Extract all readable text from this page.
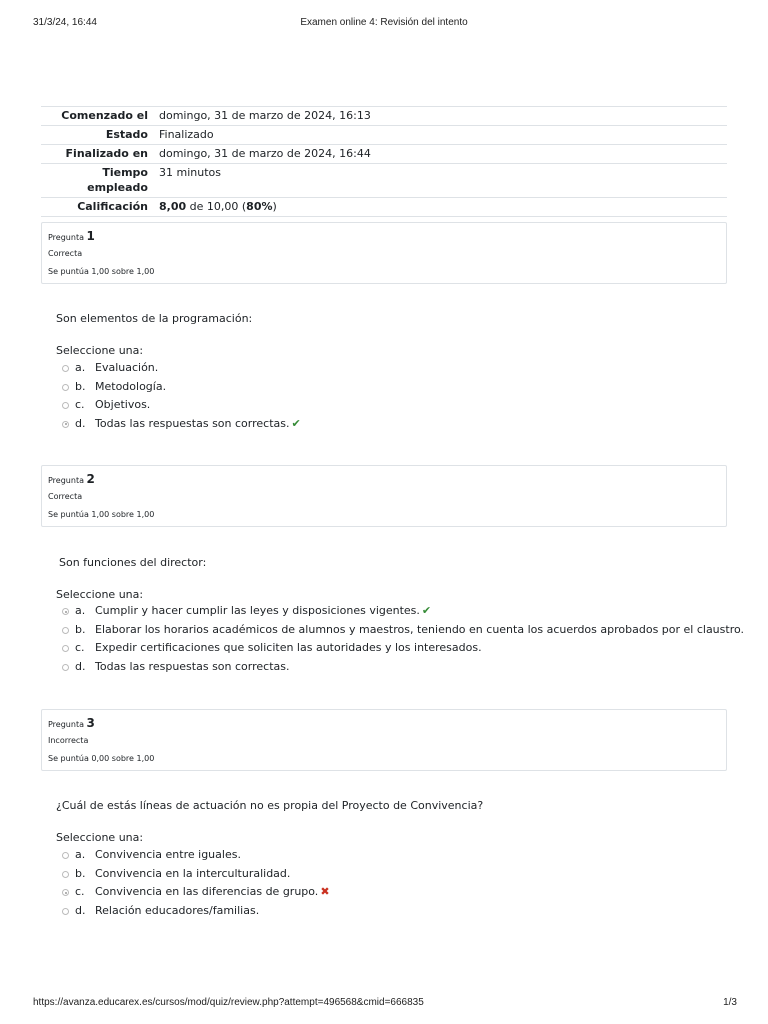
31/3/24, 16:44	Examen online 4: Revisión del intento
Comenzado el	domingo, 31 de marzo de 2024, 16:13
Estado	Finalizado
Finalizado en	domingo, 31 de marzo de 2024, 16:44
Tiempo
empleado	31 minutos
Calificación	8,00 de 10,00 (80%)
Pregunta 1
Correcta
Se puntúa 1,00 sobre 1,00
Son elementos de la programación:
Seleccione una:
a. Evaluación.
b. Metodología.
c. Objetivos.
d. Todas las respuestas son correctas. ✔
Pregunta 2
Correcta
Se puntúa 1,00 sobre 1,00
Son funciones del director:
Seleccione una:
a. Cumplir y hacer cumplir las leyes y disposiciones vigentes. ✔
b. Elaborar los horarios académicos de alumnos y maestros, teniendo en cuenta los acuerdos aprobados por el claustro.
c. Expedir certificaciones que soliciten las autoridades y los interesados.
d. Todas las respuestas son correctas.
Pregunta 3
Incorrecta
Se puntúa 0,00 sobre 1,00
¿Cuál de estás líneas de actuación no es propia del Proyecto de Convivencia?
Seleccione una:
a. Convivencia entre iguales.
b. Convivencia en la interculturalidad.
c. Convivencia en las diferencias de grupo. ✖
d. Relación educadores/familias.
https://avanza.educarex.es/cursos/mod/quiz/review.php?attempt=496568&cmid=666835	1/3
